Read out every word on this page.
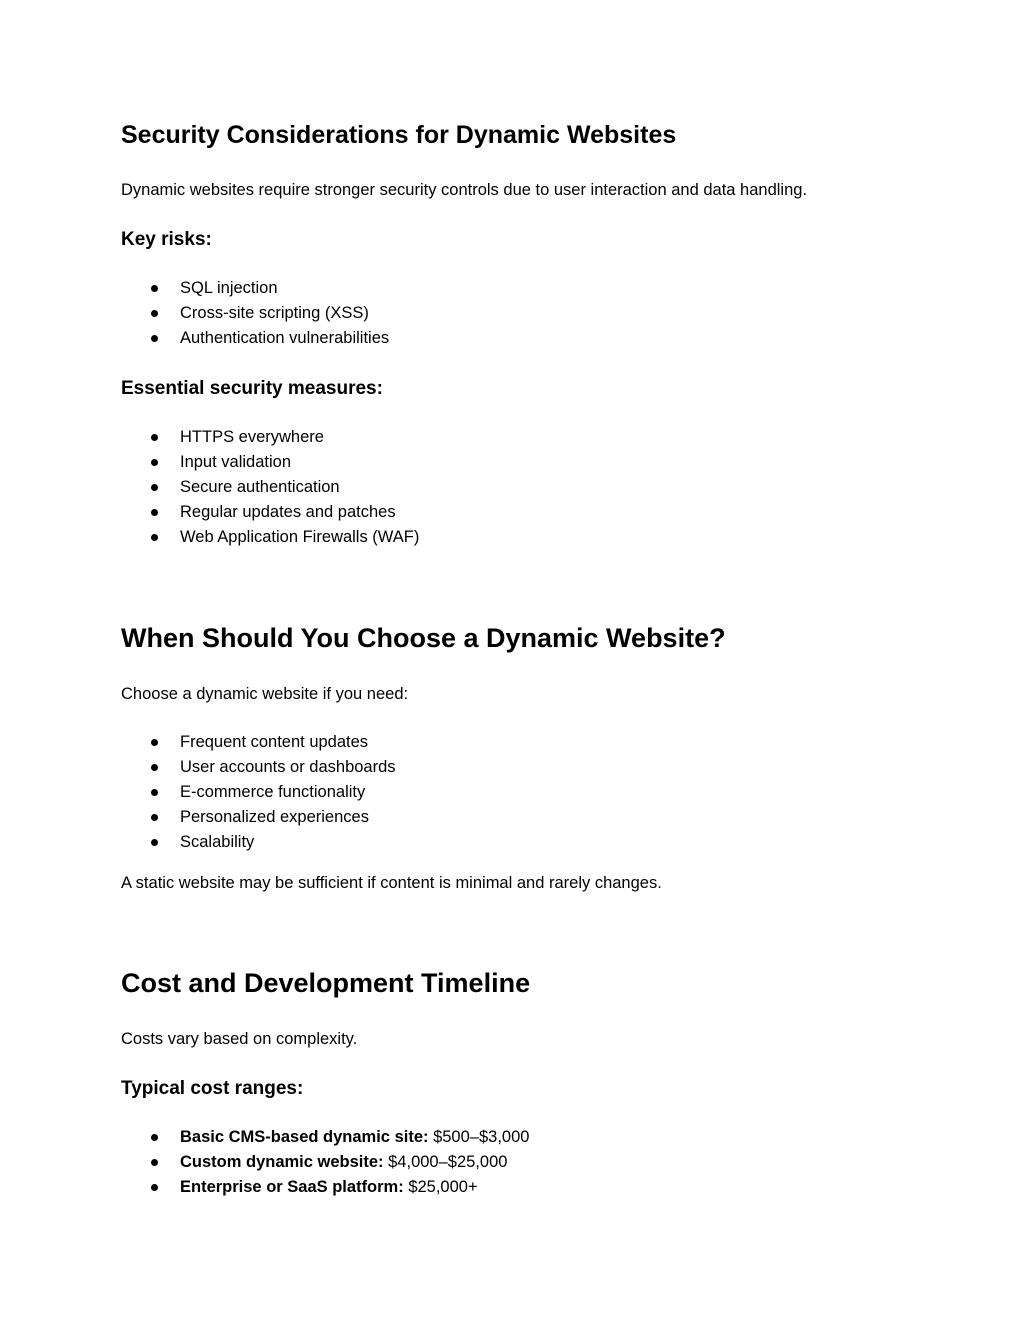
Security Considerations for Dynamic Websites

Dynamic websites require stronger security controls due to user interaction and data handling.

Key risks:

SQL injection
Cross-site scripting (XSS)
Authentication vulnerabilities

Essential security measures:

HTTPS everywhere
Input validation
Secure authentication
Regular updates and patches
Web Application Firewalls (WAF)
When Should You Choose a Dynamic Website?

Choose a dynamic website if you need:

Frequent content updates
User accounts or dashboards
E-commerce functionality
Personalized experiences
Scalability

A static website may be sufficient if content is minimal and rarely changes.

Cost and Development Timeline

Costs vary based on complexity.

Typical cost ranges:

Basic CMS-based dynamic site: $500–$3,000
Custom dynamic website: $4,000–$25,000
Enterprise or SaaS platform: $25,000+
